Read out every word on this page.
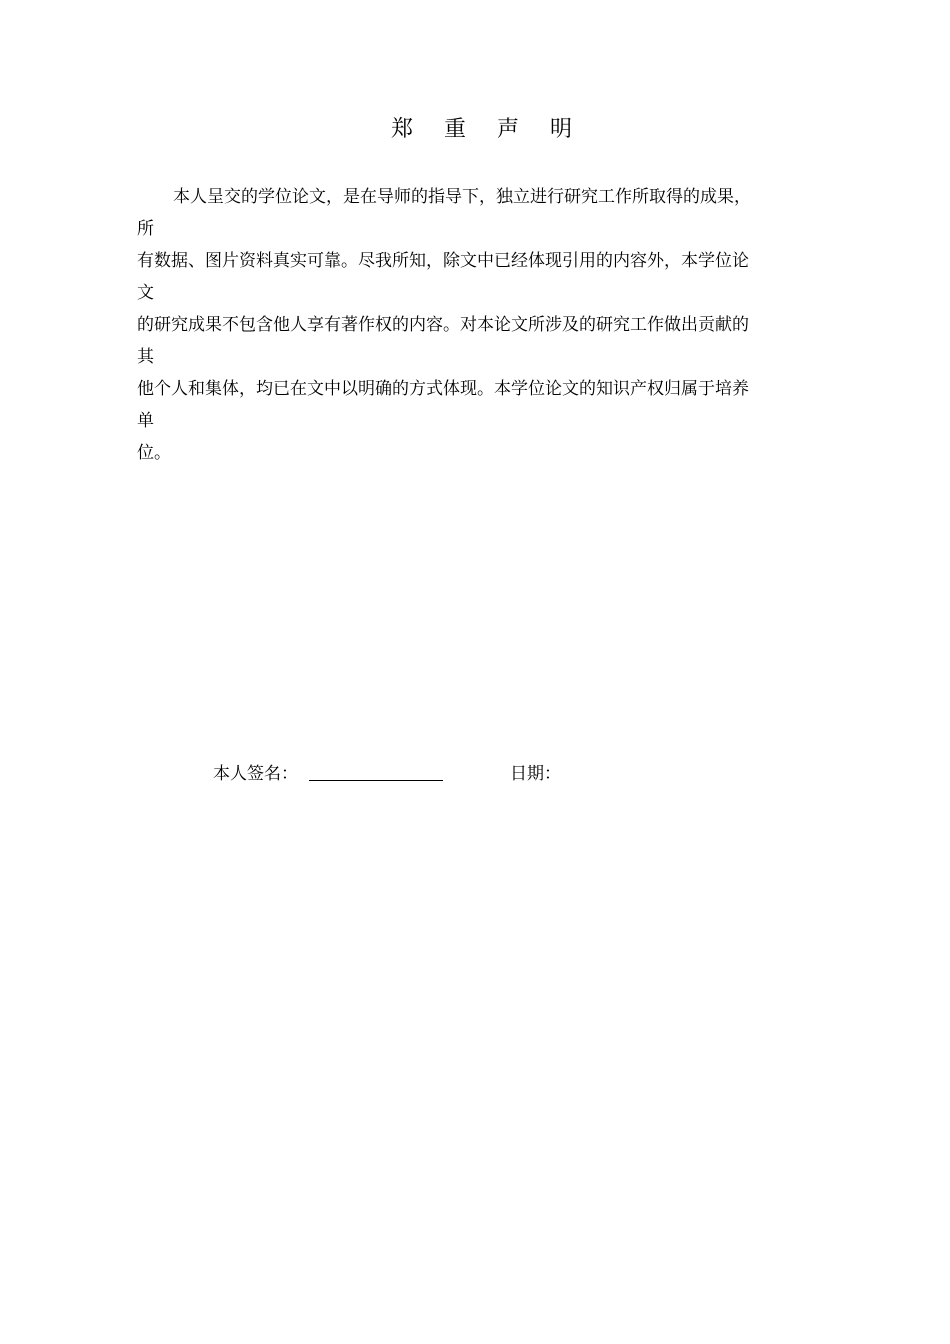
郑 重 声 明
本人呈交的学位论文，是在导师的指导下，独立进行研究工作所取得的成果，
所
有数据、图片资料真实可靠。尽我所知，除文中已经体现引用的内容外，本学位论
文
的研究成果不包含他人享有著作权的内容。对本论文所涉及的研究工作做出贡献的
其
他个人和集体，均已在文中以明确的方式体现。本学位论文的知识产权归属于培养
单
位。
本人签名：	日期：
